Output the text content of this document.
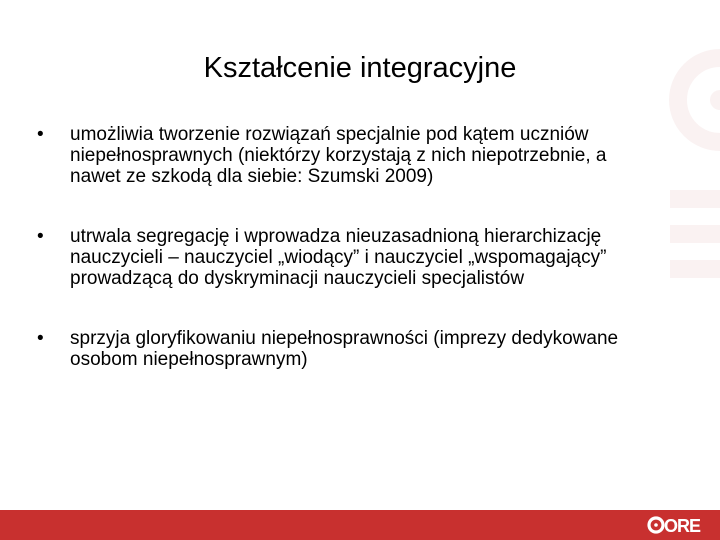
Kształcenie integracyjne
•	umożliwia tworzenie rozwiązań specjalnie pod kątem uczniów niepełnosprawnych (niektórzy korzystają z nich niepotrzebnie, a nawet ze szkodą dla siebie: Szumski 2009)
•	utrwala segregację i wprowadza nieuzasadnioną hierarchizację nauczycieli – nauczyciel „wiodący” i nauczyciel „wspomagający” prowadzącą do dyskryminacji nauczycieli specjalistów
•	sprzyja gloryfikowaniu niepełnosprawności (imprezy dedykowane osobom niepełnosprawnym)
ORE
